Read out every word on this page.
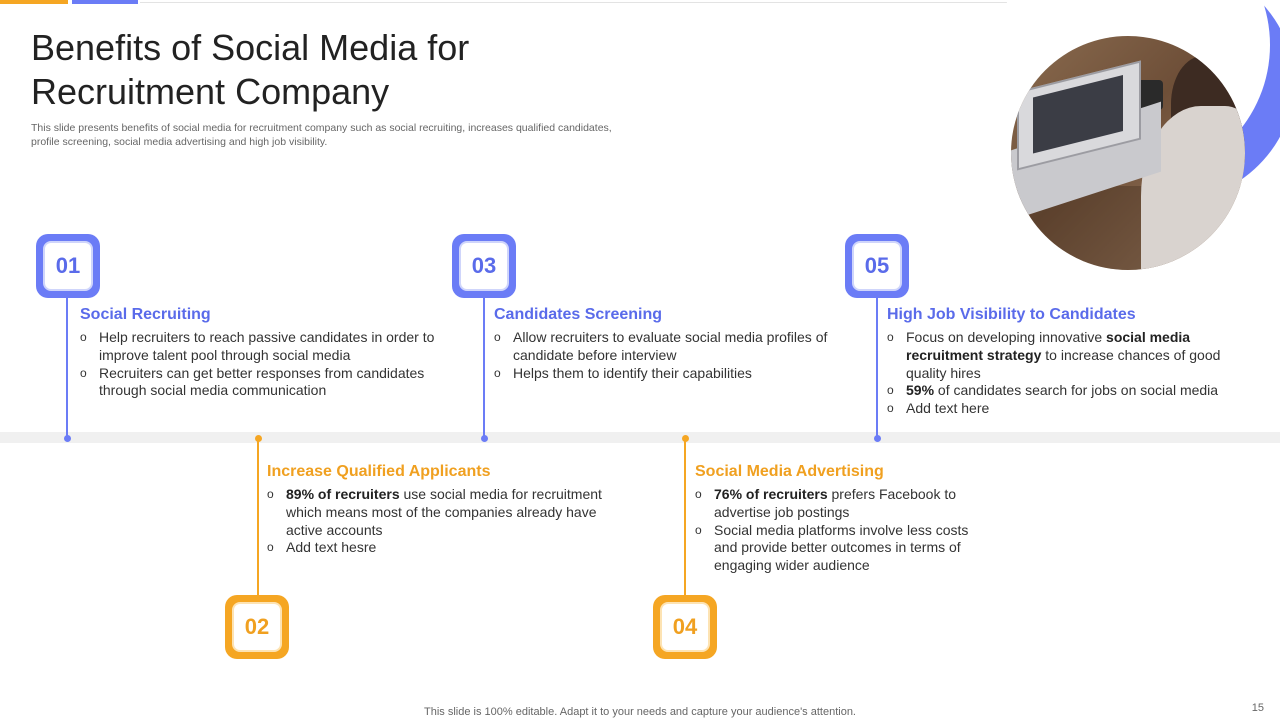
Benefits of Social Media for
Recruitment Company
This slide presents benefits of social media for recruitment company such as social recruiting, increases qualified candidates,
profile screening, social media advertising and high job visibility.
01	03	05
02	04
Social Recruiting
o Help recruiters to reach passive candidates in order to improve talent pool through social media
o Recruiters can get better responses from candidates through social media communication
Candidates Screening
o Allow recruiters to evaluate social media profiles of candidate before interview
o Helps them to identify their capabilities
High Job Visibility to Candidates
o Focus on developing innovative social media recruitment strategy to increase chances of good quality hires
o 59% of candidates search for jobs on social media
o Add text here
Increase Qualified Applicants
o 89% of recruiters use social media for recruitment which means most of the companies already have active accounts
o Add text hesre
Social Media Advertising
o 76% of recruiters prefers Facebook to advertise job postings
o Social media platforms involve less costs and provide better outcomes in terms of engaging wider audience
This slide is 100% editable. Adapt it to your needs and capture your audience's attention.	15
